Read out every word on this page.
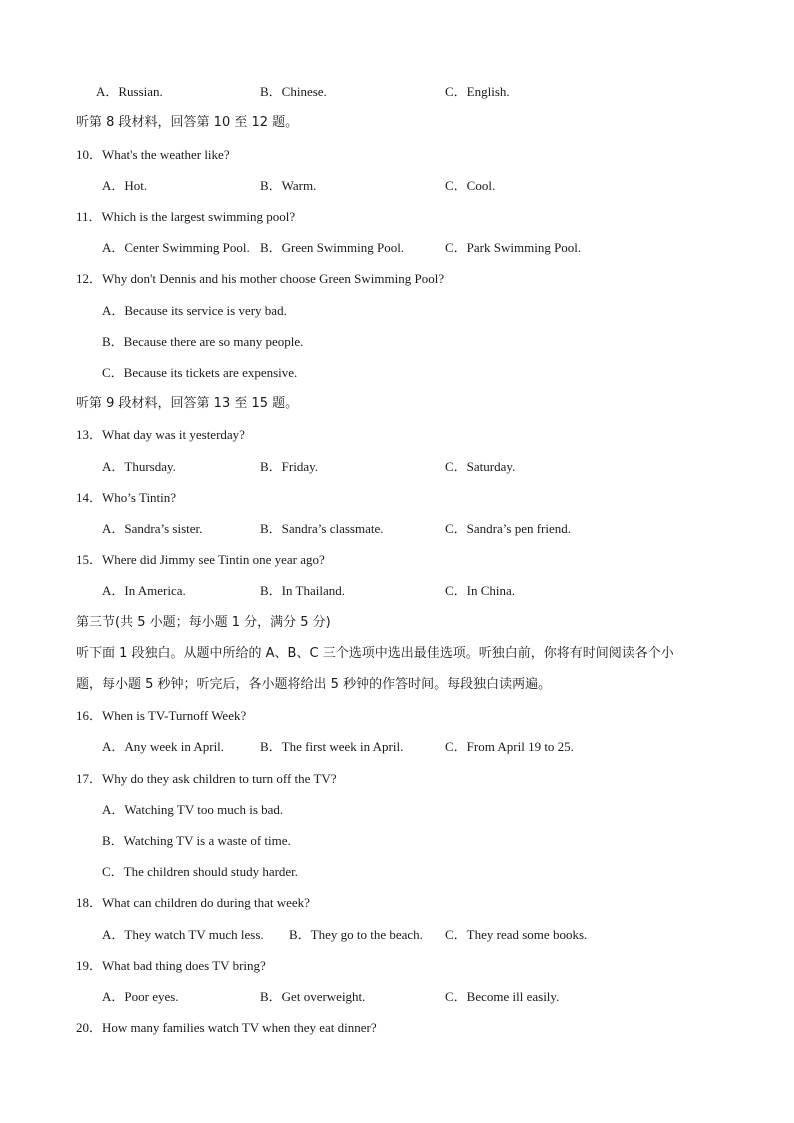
A．Russian.	B．Chinese.	C．English.
听第 8 段材料，回答第 10 至 12 题。
10．What's the weather like?
A．Hot.	B．Warm.	C．Cool.
11．Which is the largest swimming pool?
A．Center Swimming Pool. B．Green Swimming Pool.	C．Park Swimming Pool.
12．Why don't Dennis and his mother choose Green Swimming Pool?
A．Because its service is very bad.
B．Because there are so many people.
C．Because its tickets are expensive.
听第 9 段材料，回答第 13 至 15 题。
13．What day was it yesterday?
A．Thursday.	B．Friday.	C．Saturday.
14．Who’s Tintin?
A．Sandra’s sister.	B．Sandra’s classmate.	C．Sandra’s pen friend.
15．Where did Jimmy see Tintin one year ago?
A．In America.	B．In Thailand.	C．In China.
第三节(共 5 小题；每小题 1 分，满分 5 分)
听下面 1 段独白。从题中所给的 A、B、C 三个选项中选出最佳选项。听独白前，你将有时间阅读各个小
题，每小题 5 秒钟；听完后，各小题将给出 5 秒钟的作答时间。每段独白读两遍。
16．When is TV-Turnoff Week?
A．Any week in April.	B．The first week in April.	C．From April 19 to 25.
17．Why do they ask children to turn off the TV?
A．Watching TV too much is bad.
B．Watching TV is a waste of time.
C．The children should study harder.
18．What can children do during that week?
A．They watch TV much less. B．They go to the beach. C．They read some books.
19．What bad thing does TV bring?
A．Poor eyes.	B．Get overweight.	C．Become ill easily.
20．How many families watch TV when they eat dinner?
